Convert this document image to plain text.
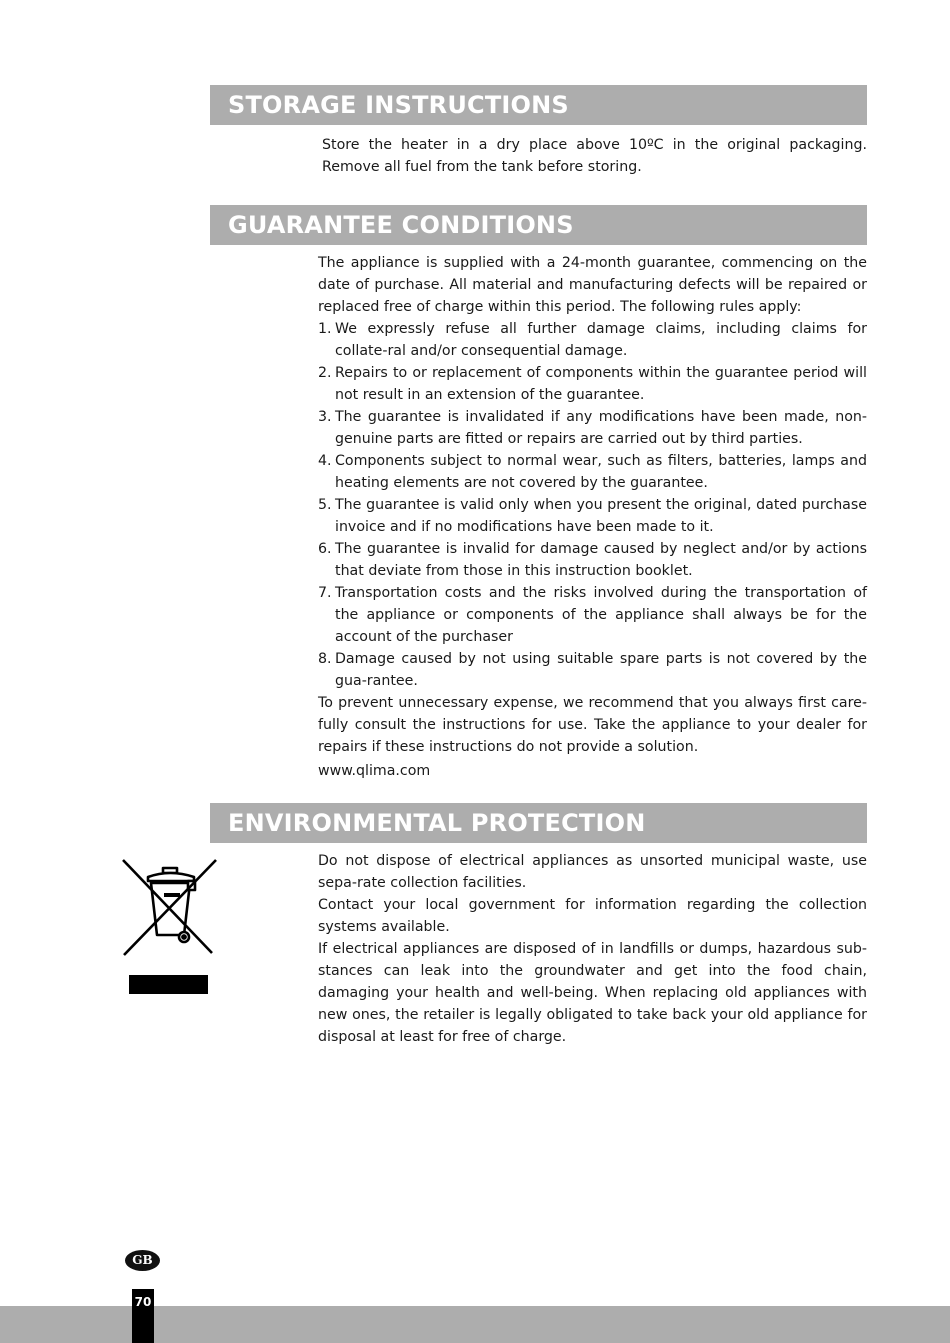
STORAGE INSTRUCTIONS

Store the heater in a dry place above 10ºC in the original packaging. Remove all fuel from the tank before storing.

GUARANTEE CONDITIONS

The appliance is supplied with a 24-month guarantee, commencing on the date of purchase. All material and manufacturing defects will be repaired or replaced free of charge within this period. The following rules apply:

1. We expressly refuse all further damage claims, including claims for collate-ral and/or consequential damage.
2. Repairs to or replacement of components within the guarantee period will not result in an extension of the guarantee.
3. The guarantee is invalidated if any modifications have been made, non-genuine parts are fitted or repairs are carried out by third parties.
4. Components subject to normal wear, such as filters, batteries, lamps and heating elements are not covered by the guarantee.
5. The guarantee is valid only when you present the original, dated purchase invoice and if no modifications have been made to it.
6. The guarantee is invalid for damage caused by neglect and/or by actions that deviate from those in this instruction booklet.
7. Transportation costs and the risks involved during the transportation of the appliance or components of the appliance shall always be for the account of the purchaser
8. Damage caused by not using suitable spare parts is not covered by the gua-rantee.

To prevent unnecessary expense, we recommend that you always first care-fully consult the instructions for use. Take the appliance to your dealer for repairs if these instructions do not provide a solution.

www.qlima.com

ENVIRONMENTAL PROTECTION

Do not dispose of electrical appliances as unsorted municipal waste, use sepa-rate collection facilities.

Contact your local government for information regarding the collection systems available.

If electrical appliances are disposed of in landfills or dumps, hazardous sub-stances can leak into the groundwater and get into the food chain, damaging your health and well-being. When replacing old appliances with new ones, the retailer is legally obligated to take back your old appliance for disposal at least for free of charge.

GB
70
